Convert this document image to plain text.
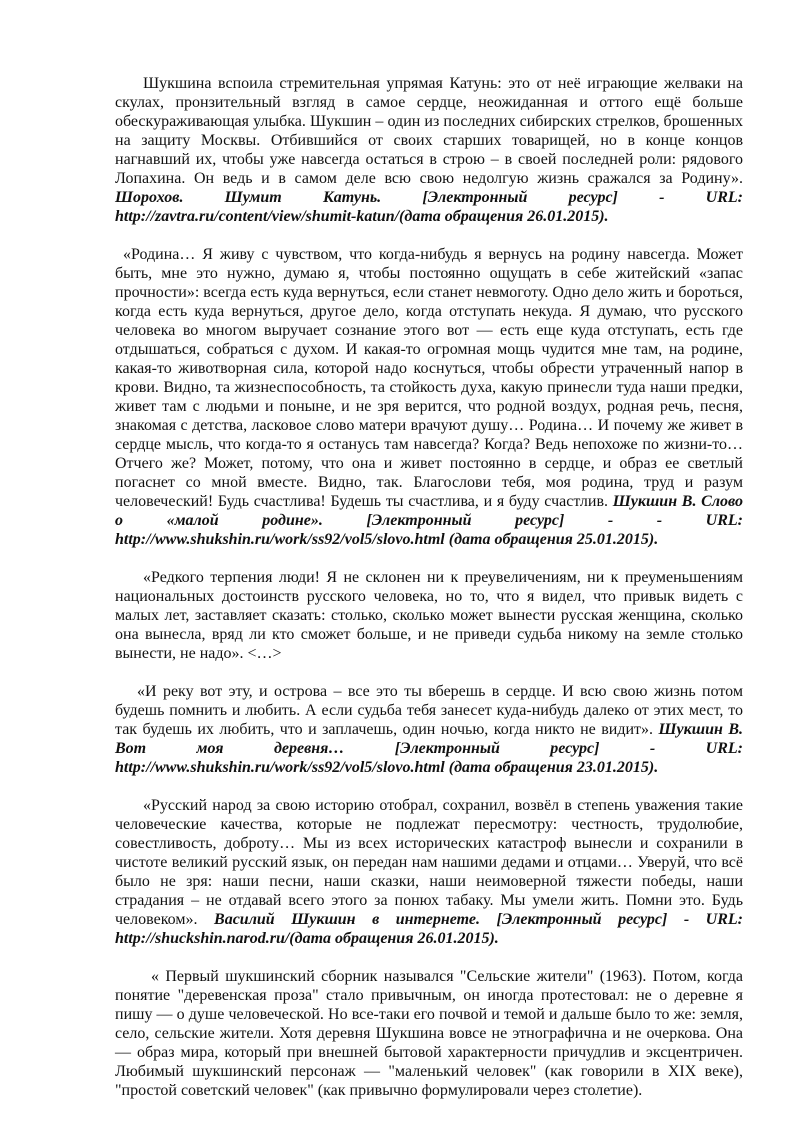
Шукшина вспоила стремительная упрямая Катунь: это от неё играющие желваки на скулах, пронзительный взгляд в самое сердце, неожиданная и оттого ещё больше обескураживающая улыбка. Шукшин – один из последних сибирских стрелков, брошенных на защиту Москвы. Отбившийся от своих старших товарищей, но в конце концов нагнавший их, чтобы уже навсегда остаться в строю – в своей последней роли: рядового Лопахина. Он ведь и в самом деле всю свою недолгую жизнь сражался за Родину». Шорохов. Шумит Катунь. [Электронный ресурс] - URL: http://zavtra.ru/content/view/shumit-katun/(дата обращения 26.01.2015).

«Родина… Я живу с чувством, что когда-нибудь я вернусь на родину навсегда. Может быть, мне это нужно, думаю я, чтобы постоянно ощущать в себе житейский «запас прочности»: всегда есть куда вернуться, если станет невмоготу. Одно дело жить и бороться, когда есть куда вернуться, другое дело, когда отступать некуда. Я думаю, что русского человека во многом выручает сознание этого вот — есть еще куда отступать, есть где отдышаться, собраться с духом. И какая-то огромная мощь чудится мне там, на родине, какая-то животворная сила, которой надо коснуться, чтобы обрести утраченный напор в крови. Видно, та жизнеспособность, та стойкость духа, какую принесли туда наши предки, живет там с людьми и поныне, и не зря верится, что родной воздух, родная речь, песня, знакомая с детства, ласковое слово матери врачуют душу… Родина… И почему же живет в сердце мысль, что когда-то я останусь там навсегда? Когда? Ведь непохоже по жизни-то… Отчего же? Может, потому, что она и живет постоянно в сердце, и образ ее светлый погаснет со мной вместе. Видно, так. Благослови тебя, моя родина, труд и разум человеческий! Будь счастлива! Будешь ты счастлива, и я буду счастлив. Шукшин В. Слово о «малой родине». [Электронный ресурс] - - URL: http://www.shukshin.ru/work/ss92/vol5/slovo.html (дата обращения 25.01.2015).

«Редкого терпения люди! Я не склонен ни к преувеличениям, ни к преуменьшениям национальных достоинств русского человека, но то, что я видел, что привык видеть с малых лет, заставляет сказать: столько, сколько может вынести русская женщина, сколько она вынесла, вряд ли кто сможет больше, и не приведи судьба никому на земле столько вынести, не надо». <…>

«И реку вот эту, и острова – все это ты вберешь в сердце. И всю свою жизнь потом будешь помнить и любить. А если судьба тебя занесет куда-нибудь далеко от этих мест, то так будешь их любить, что и заплачешь, один ночью, когда никто не видит». Шукшин В. Вот моя деревня… [Электронный ресурс] - URL: http://www.shukshin.ru/work/ss92/vol5/slovo.html (дата обращения 23.01.2015).

«Русский народ за свою историю отобрал, сохранил, возвёл в степень уважения такие человеческие качества, которые не подлежат пересмотру: честность, трудолюбие, совестливость, доброту… Мы из всех исторических катастроф вынесли и сохранили в чистоте великий русский язык, он передан нам нашими дедами и отцами… Уверуй, что всё было не зря: наши песни, наши сказки, наши неимоверной тяжести победы, наши страдания – не отдавай всего этого за понюх табаку. Мы умели жить. Помни это. Будь человеком». Василий Шукшин в интернете. [Электронный ресурс] - URL: http://shuckshin.narod.ru/(дата обращения 26.01.2015).

« Первый шукшинский сборник назывался "Сельские жители" (1963). Потом, когда понятие "деревенская проза" стало привычным, он иногда протестовал: не о деревне я пишу — о душе человеческой. Но все-таки его почвой и темой и дальше было то же: земля, село, сельские жители. Хотя деревня Шукшина вовсе не этнографична и не очеркова. Она — образ мира, который при внешней бытовой характерности причудлив и эксцентричен. Любимый шукшинский персонаж — "маленький человек" (как говорили в XIX веке), "простой советский человек" (как привычно формулировали через столетие).
